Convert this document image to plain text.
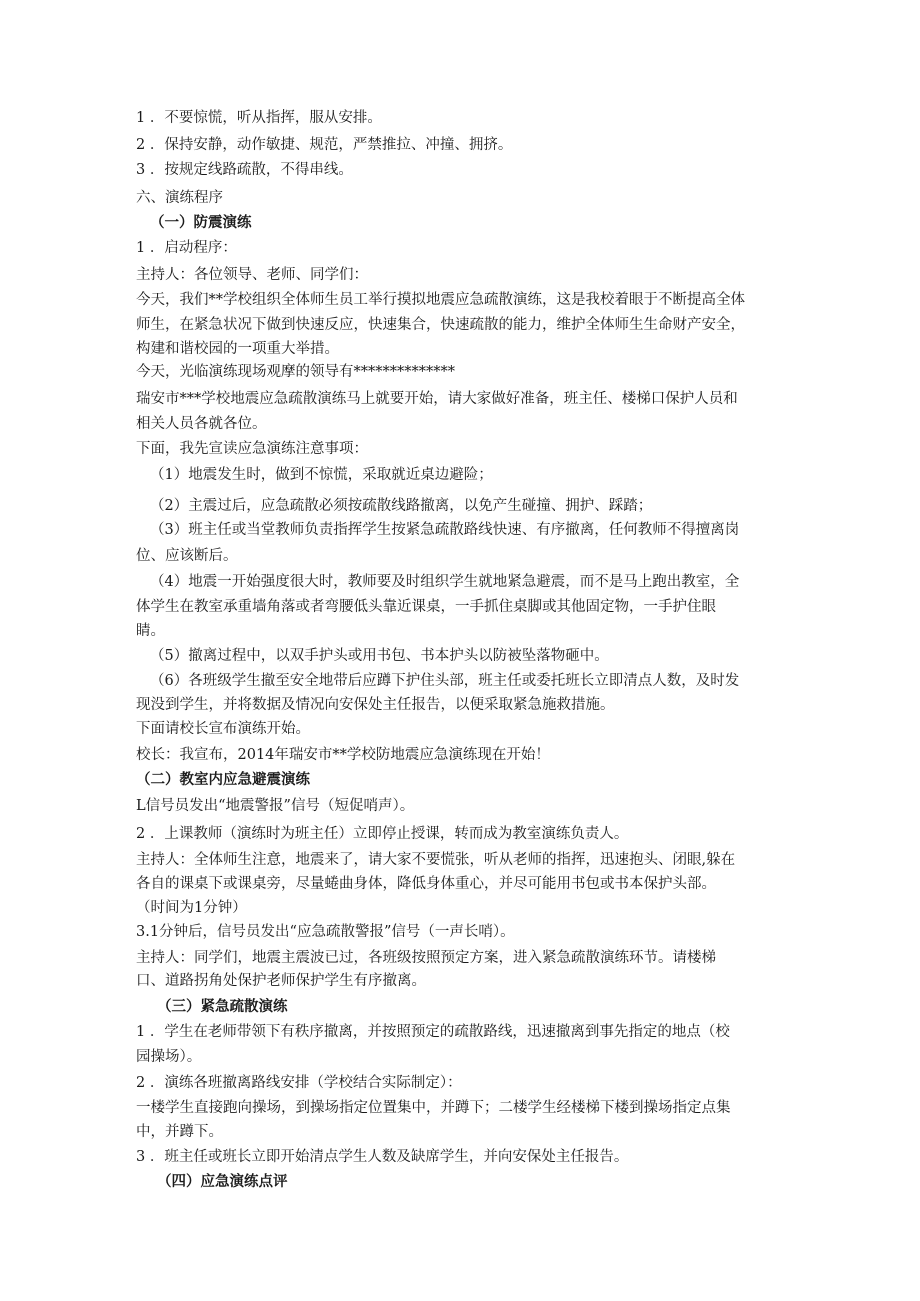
1 ．不要惊慌，听从指挥，服从安排。

2 ．保持安静，动作敏捷、规范，严禁推拉、冲撞、拥挤。

3 ．按规定线路疏散，不得串线。

六、演练程序

（一）防震演练

1 ．启动程序：

主持人：各位领导、老师、同学们：

今天，我们**学校组织全体师生员工举行摸拟地震应急疏散演练，这是我校着眼于不断提高全体

师生，在紧急状况下做到快速反应，快速集合，快速疏散的能力，维护全体师生生命财产安全，

构建和谐校园的一项重大举措。

今天，光临演练现场观摩的领导有**************

瑞安市***学校地震应急疏散演练马上就要开始，请大家做好准备，班主任、楼梯口保护人员和

相关人员各就各位。

下面，我先宣读应急演练注意事项：

（1）地震发生时，做到不惊慌，采取就近桌边避险；

（2）主震过后，应急疏散必须按疏散线路撤离，以免产生碰撞、拥护、踩踏；

（3）班主任或当堂教师负责指挥学生按紧急疏散路线快速、有序撤离，任何教师不得擅离岗

位、应该断后。

（4）地震一开始强度很大时，教师要及时组织学生就地紧急避震，而不是马上跑出教室，全

体学生在教室承重墙角落或者弯腰低头靠近课桌，一手抓住桌脚或其他固定物，一手护住眼

睛。

（5）撤离过程中，以双手护头或用书包、书本护头以防被坠落物砸中。

（6）各班级学生撤至安全地带后应蹲下护住头部，班主任或委托班长立即清点人数，及时发

现没到学生，并将数据及情况向安保处主任报告，以便采取紧急施救措施。

下面请校长宣布演练开始。

校长：我宣布，2014年瑞安市**学校防地震应急演练现在开始！

（二）教室内应急避震演练

L信号员发出“地震警报”信号（短促哨声）。

2 ．上课教师（演练时为班主任）立即停止授课，转而成为教室演练负责人。

主持人：全体师生注意，地震来了，请大家不要慌张，听从老师的指挥，迅速抱头、闭眼,躲在

各自的课桌下或课桌旁，尽量蜷曲身体，降低身体重心，并尽可能用书包或书本保护头部。

（时间为1分钟）

3.1分钟后，信号员发出“应急疏散警报”信号（一声长哨）。

主持人：同学们，地震主震波已过，各班级按照预定方案，进入紧急疏散演练环节。请楼梯

口、道路拐角处保护老师保护学生有序撤离。

（三）紧急疏散演练

1 ．学生在老师带领下有秩序撤离，并按照预定的疏散路线，迅速撤离到事先指定的地点（校

园操场）。

2 ．演练各班撤离路线安排（学校结合实际制定）：

一楼学生直接跑向操场，到操场指定位置集中，并蹲下；二楼学生经楼梯下楼到操场指定点集

中，并蹲下。

3 ．班主任或班长立即开始清点学生人数及缺席学生，并向安保处主任报告。

（四）应急演练点评
